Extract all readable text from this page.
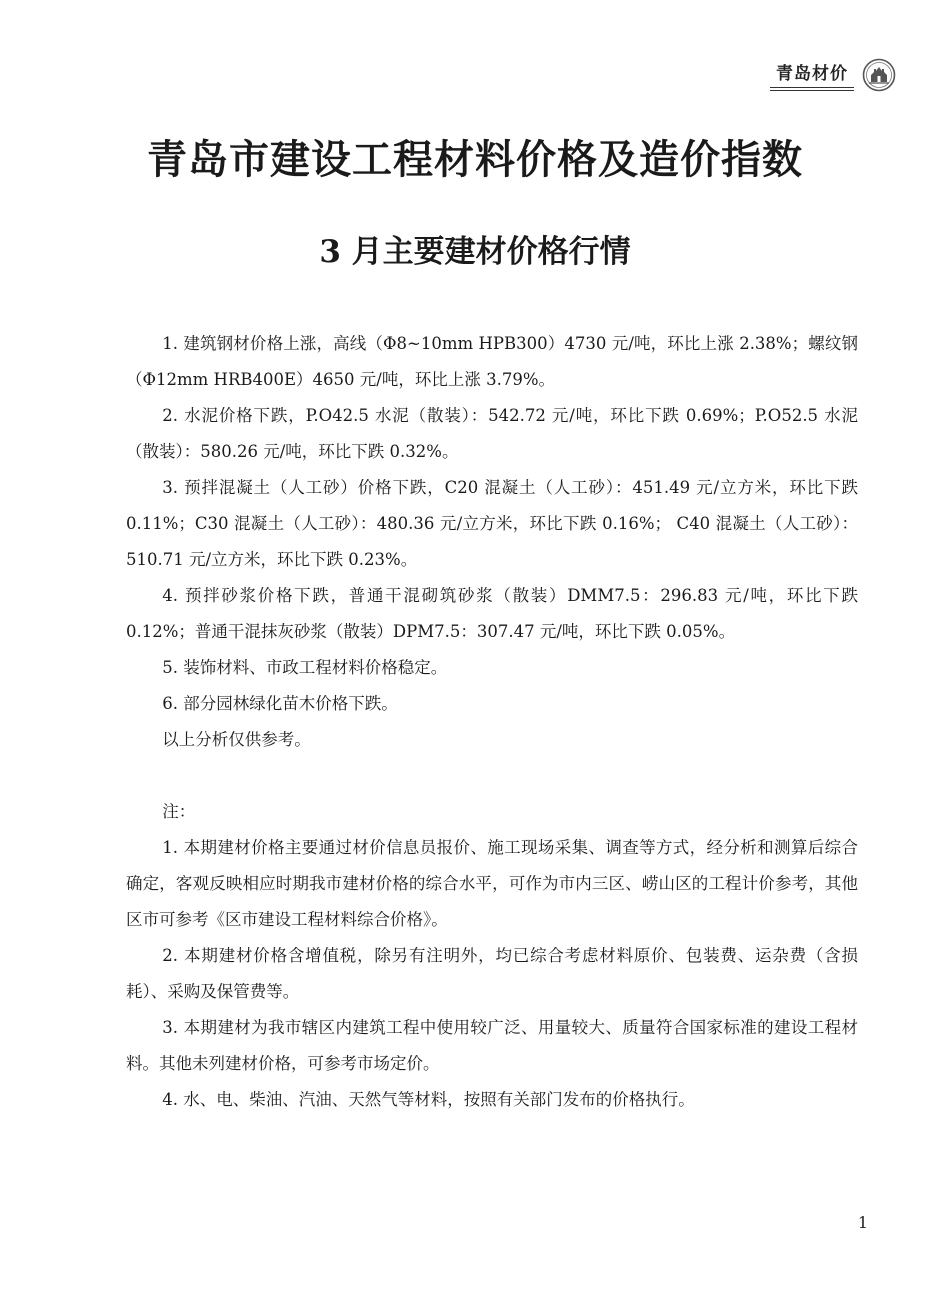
青岛材价
青岛市建设工程材料价格及造价指数
3 月主要建材价格行情

1. 建筑钢材价格上涨，高线（Φ8~10mm HPB300）4730 元/吨，环比上涨 2.38%；螺纹钢（Φ12mm HRB400E）4650 元/吨，环比上涨 3.79%。

2. 水泥价格下跌，P.O42.5 水泥（散装）：542.72 元/吨，环比下跌 0.69%；P.O52.5 水泥（散装）：580.26 元/吨，环比下跌 0.32%。

3. 预拌混凝土（人工砂）价格下跌，C20 混凝土（人工砂）：451.49 元/立方米，环比下跌 0.11%；C30 混凝土（人工砂）：480.36 元/立方米，环比下跌 0.16%； C40 混凝土（人工砂）： 510.71 元/立方米，环比下跌 0.23%。

4. 预拌砂浆价格下跌，普通干混砌筑砂浆（散装）DMM7.5：296.83 元/吨，环比下跌 0.12%；普通干混抹灰砂浆（散装）DPM7.5：307.47 元/吨，环比下跌 0.05%。

5. 装饰材料、市政工程材料价格稳定。

6. 部分园林绿化苗木价格下跌。

以上分析仅供参考。

注：

1. 本期建材价格主要通过材价信息员报价、施工现场采集、调查等方式，经分析和测算后综合确定，客观反映相应时期我市建材价格的综合水平，可作为市内三区、崂山区的工程计价参考，其他区市可参考《区市建设工程材料综合价格》。

2. 本期建材价格含增值税，除另有注明外，均已综合考虑材料原价、包装费、运杂费（含损耗）、采购及保管费等。

3. 本期建材为我市辖区内建筑工程中使用较广泛、用量较大、质量符合国家标准的建设工程材料。其他未列建材价格，可参考市场定价。

4. 水、电、柴油、汽油、天然气等材料，按照有关部门发布的价格执行。

1
